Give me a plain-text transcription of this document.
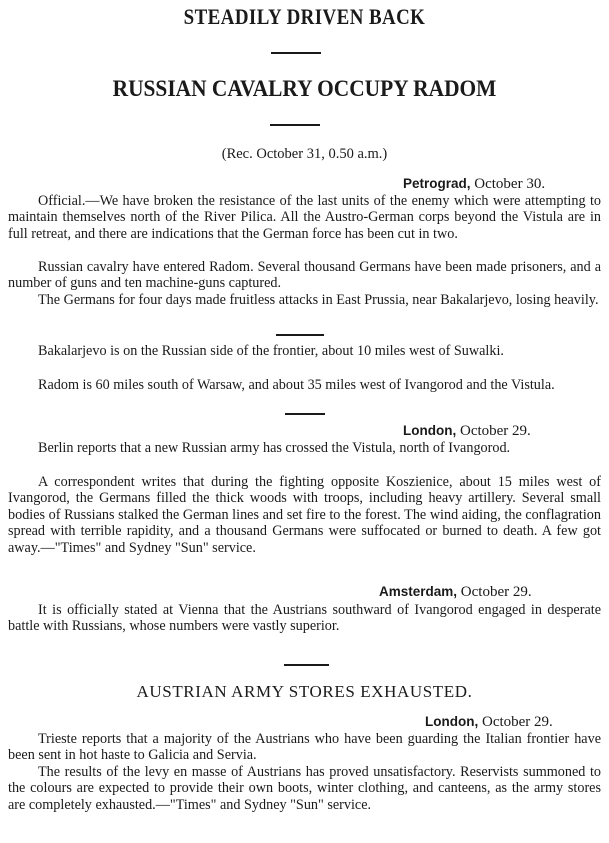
STEADILY DRIVEN BACK
RUSSIAN CAVALRY OCCUPY RADOM
(Rec. October 31, 0.50 a.m.)
Petrograd, October 30.

Official.—We have broken the resistance of the last units of the enemy which were attempting to maintain themselves north of the River Pilica. All the Austro-German corps beyond the Vistula are in full retreat, and there are indications that the German force has been cut in two.

Russian cavalry have entered Radom. Several thousand Germans have been made prisoners, and a number of guns and ten machine-guns captured.

The Germans for four days made fruitless attacks in East Prussia, near Bakalarjevo, losing heavily.

Bakalarjevo is on the Russian side of the frontier, about 10 miles west of Suwalki.

Radom is 60 miles south of Warsaw, and about 35 miles west of Ivangorod and the Vistula.

London, October 29.

Berlin reports that a new Russian army has crossed the Vistula, north of Ivangorod.

A correspondent writes that during the fighting opposite Koszienice, about 15 miles west of Ivangorod, the Germans filled the thick woods with troops, including heavy artillery. Several small bodies of Russians stalked the German lines and set fire to the forest. The wind aiding, the conflagration spread with terrible rapidity, and a thousand Germans were suffocated or burned to death. A few got away.—"Times" and Sydney "Sun" service.

Amsterdam, October 29.

It is officially stated at Vienna that the Austrians southward of Ivangorod engaged in desperate battle with Russians, whose numbers were vastly superior.

AUSTRIAN ARMY STORES EXHAUSTED.
London, October 29.

Trieste reports that a majority of the Austrians who have been guarding the Italian frontier have been sent in hot haste to Galicia and Servia.

The results of the levy en masse of Austrians has proved unsatisfactory. Reservists summoned to the colours are expected to provide their own boots, winter clothing, and canteens, as the army stores are completely exhausted.—"Times" and Sydney "Sun" service.
